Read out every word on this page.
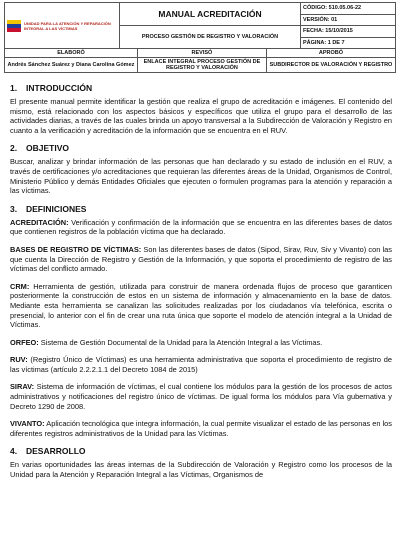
UNIDAD PARA LA ATENCIÓN Y REPARACIÓN INTEGRAL A LAS VÍCTIMAS	MANUAL ACREDITACIÓN	CÓDIGO: 510.05.06-22
		VERSIÓN: 01
	PROCESO GESTIÓN DE REGISTRO Y VALORACIÓN	FECHA: 15/10/2015
		PÁGINA: 1 DE 7
ELABORÓ	REVISÓ	APROBÓ
Andrés Sánchez Suárez y Diana Carolina Gómez	ENLACE INTEGRAL PROCESO GESTIÓN DE REGISTRO Y VALORACIÓN	SUBDIRECTOR DE VALORACIÓN Y REGISTRO
1.	INTRODUCCIÓN

El presente manual permite identificar la gestión que realiza el grupo de acreditación e imágenes. El contenido del mismo, está relacionado con los aspectos básicos y específicos que utiliza el grupo para el desarrollo de las actividades diarias, a través de las cuales brinda un apoyo transversal a la Subdirección de Valoración y Registro en cuanto a la verificación y acreditación de la información que se encuentra en el RUV.

2.	OBJETIVO

Buscar, analizar y brindar información de las personas que han declarado y su estado de inclusión en el RUV, a través de certificaciones y/o acreditaciones que requieran las diferentes áreas de la Unidad, Organismos de Control, Ministerio Público y demás Entidades Oficiales que ejecuten o formulen programas para la atención y reparación a las víctimas.

3.	DEFINICIONES

ACREDITACIÓN: Verificación y confirmación de la información que se encuentra en las diferentes bases de datos que contienen registros de la población víctima que ha declarado.

BASES DE REGISTRO DE VÍCTIMAS: Son las diferentes bases de datos (Sipod, Sirav, Ruv, Siv y Vivanto) con las que cuenta la Dirección de Registro y Gestión de la Información, y que soporta el procedimiento de registro de las víctimas del conflicto armado.

CRM: Herramienta de gestión, utilizada para construir de manera ordenada flujos de proceso que garanticen posteriormente la construcción de estos en un sistema de información y almacenamiento en la base de datos. Mediante esta herramienta se canalizan las solicitudes realizadas por los ciudadanos vía telefónica, escrita o presencial, lo anterior con el fin de crear una ruta única que soporte el modelo de atención integral a la Unidad de Víctimas.

ORFEO: Sistema de Gestión Documental de la Unidad para la Atención Integral a las Víctimas.

RUV: (Registro Único de Víctimas) es una herramienta administrativa que soporta el procedimiento de registro de las víctimas (artículo 2.2.2.1.1 del Decreto 1084 de 2015)

SIRAV: Sistema de información de víctimas, el cual contiene los módulos para la gestión de los procesos de actos administrativos y notificaciones del registro único de víctimas. De igual forma los módulos para Vía gubernativa y Decreto 1290 de 2008.

VIVANTO: Aplicación tecnológica que integra información, la cual permite visualizar el estado de las personas en los diferentes registros administrativos de la Unidad para las Víctimas.

4.	DESARROLLO

En varias oportunidades las áreas internas de la Subdirección de Valoración y Registro como los procesos de la Unidad para la Atención y Reparación Integral a las Víctimas, Organismos de
